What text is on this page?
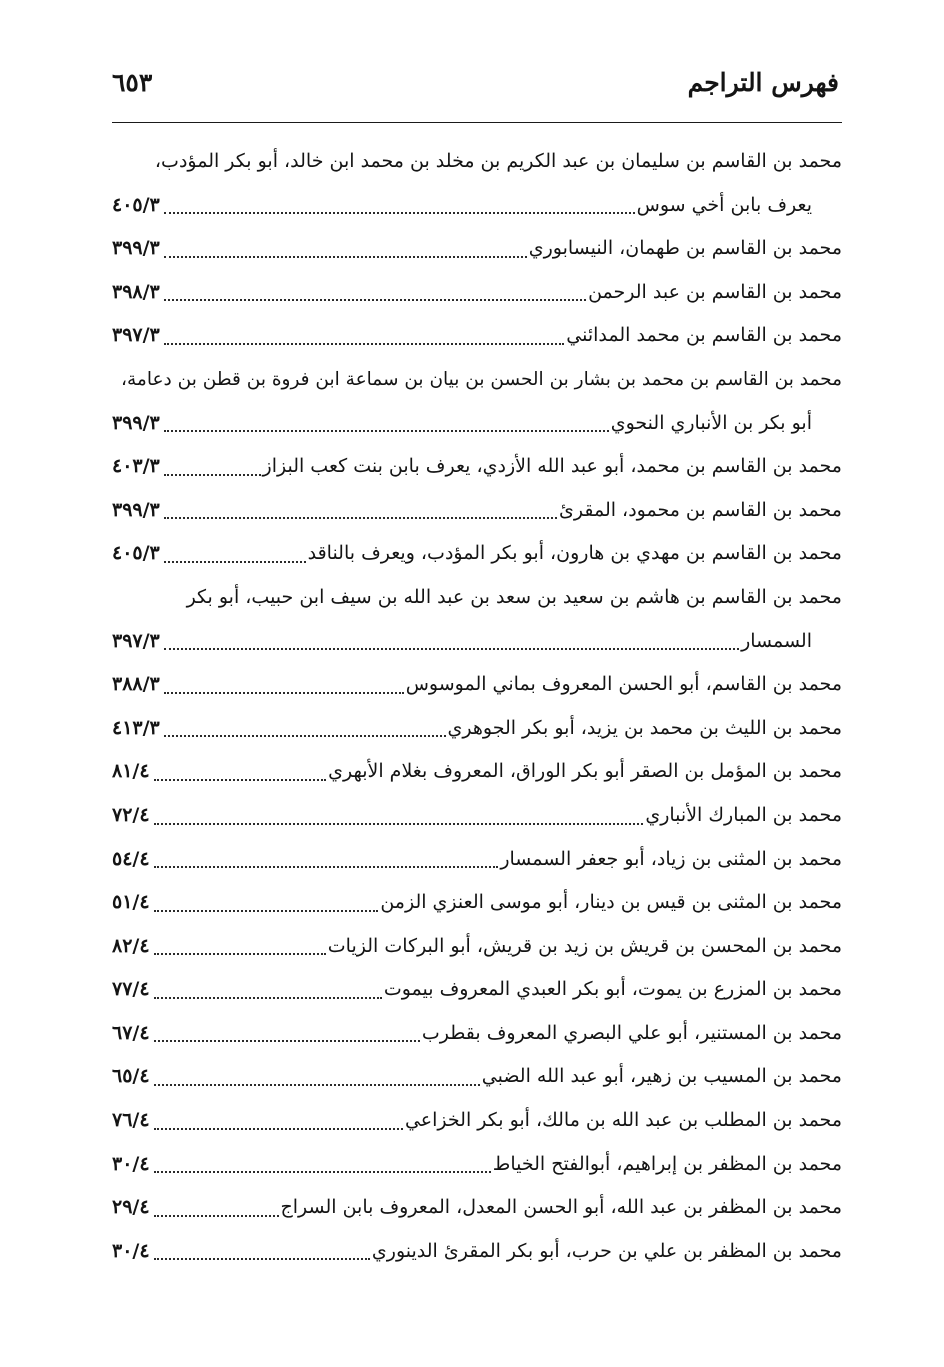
فهرس التراجم
٦٥٣
محمد بن القاسم بن سليمان بن عبد الكريم بن مخلد بن محمد ابن خالد، أبو بكر المؤدب،
يعرف بابن أخي سوس
٤٠٥/٣
محمد بن القاسم بن طهمان، النيسابوري
٣٩٩/٣
محمد بن القاسم بن عبد الرحمن
٣٩٨/٣
محمد بن القاسم بن محمد المدائني
٣٩٧/٣
محمد بن القاسم بن محمد بن بشار بن الحسن بن بيان بن سماعة ابن فروة بن قطن بن دعامة،
أبو بكر بن الأنباري النحوي
٣٩٩/٣
محمد بن القاسم بن محمد، أبو عبد الله الأزدي، يعرف بابن بنت كعب البزاز
٤٠٣/٣
محمد بن القاسم بن محمود، المقرئ
٣٩٩/٣
محمد بن القاسم بن مهدي بن هارون، أبو بكر المؤدب، ويعرف بالناقد
٤٠٥/٣
محمد بن القاسم بن هاشم بن سعيد بن سعد بن عبد الله بن سيف ابن حبيب، أبو بكر
السمسار
٣٩٧/٣
محمد بن القاسم، أبو الحسن المعروف بماني الموسوس
٣٨٨/٣
محمد بن الليث بن محمد بن يزيد، أبو بكر الجوهري
٤١٣/٣
محمد بن المؤمل بن الصقر أبو بكر الوراق، المعروف بغلام الأبهري
٨١/٤
محمد بن المبارك الأنباري
٧٢/٤
محمد بن المثنى بن زياد، أبو جعفر السمسار
٥٤/٤
محمد بن المثنى بن قيس بن دينار، أبو موسى العنزي الزمن
٥١/٤
محمد بن المحسن بن قريش بن زيد بن قريش، أبو البركات الزيات
٨٢/٤
محمد بن المزرع بن يموت، أبو بكر العبدي المعروف بيموت
٧٧/٤
محمد بن المستنير، أبو علي البصري المعروف بقطرب
٦٧/٤
محمد بن المسيب بن زهير، أبو عبد الله الضبي
٦٥/٤
محمد بن المطلب بن عبد الله بن مالك، أبو بكر الخزاعي
٧٦/٤
محمد بن المظفر بن إبراهيم، أبوالفتح الخياط
٣٠/٤
محمد بن المظفر بن عبد الله، أبو الحسن المعدل، المعروف بابن السراج
٢٩/٤
محمد بن المظفر بن علي بن حرب، أبو بكر المقرئ الدينوري
٣٠/٤
